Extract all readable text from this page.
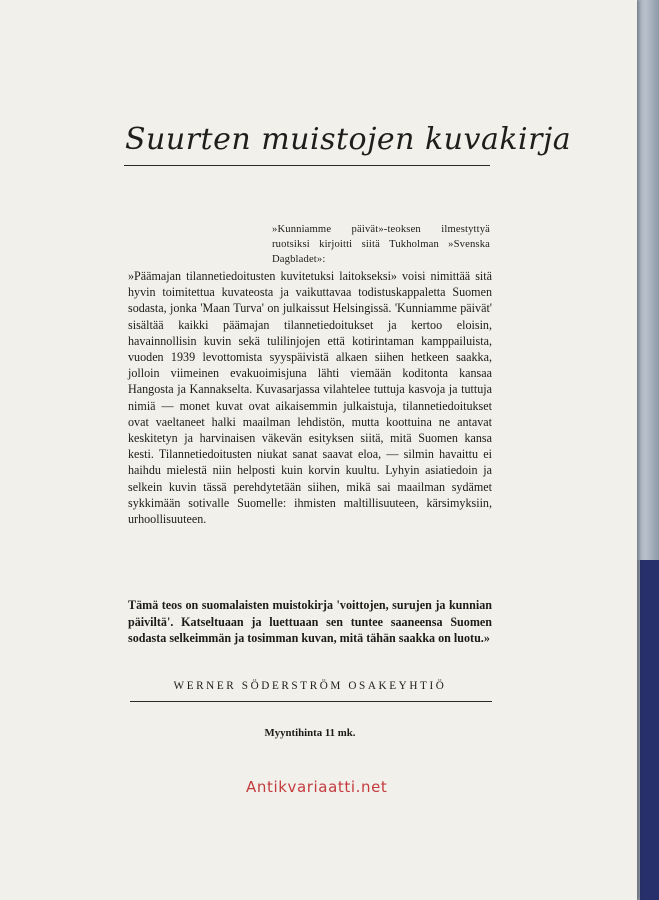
Suurten muistojen kuvakirja

»Kunniamme päivät»-teoksen ilmestyttyä ruotsiksi kirjoitti siitä Tukholman »Svenska Dagbladet»:

»Päämajan tilannetiedoitusten kuvitetuksi laitokseksi» voisi nimittää sitä hyvin toimitettua kuvateosta ja vaikuttavaa todistuskappaletta Suomen sodasta, jonka 'Maan Turva' on julkaissut Helsingissä. 'Kunniamme päivät' sisältää kaikki päämajan tilannetiedoitukset ja kertoo eloisin, havainnollisin kuvin sekä tulilinjojen että kotirintaman kamppailuista, vuoden 1939 levottomista syyspäivistä alkaen siihen hetkeen saakka, jolloin viimeinen evakuoimisjuna lähti viemään koditonta kansaa Hangosta ja Kannakselta. Kuvasarjassa vilahtelee tuttuja kasvoja ja tuttuja nimiä — monet kuvat ovat aikaisemmin julkaistuja, tilannetiedoitukset ovat vaeltaneet halki maailman lehdistön, mutta koottuina ne antavat keskitetyn ja harvinaisen väkevän esityksen siitä, mitä Suomen kansa kesti. Tilannetiedoitusten niukat sanat saavat eloa, — silmin havaittu ei haihdu mielestä niin helposti kuin korvin kuultu. Lyhyin asiatiedoin ja selkein kuvin tässä perehdytetään siihen, mikä sai maailman sydämet sykkimään sotivalle Suomelle: ihmisten maltillisuuteen, kärsimyksiin, urhoollisuuteen.

Tämä teos on suomalaisten muistokirja 'voittojen, surujen ja kunnian päiviltä'. Katseltuaan ja luettuaan sen tuntee saaneensa Suomen sodasta selkeimmän ja tosimman kuvan, mitä tähän saakka on luotu.»

WERNER SÖDERSTRÖM OSAKEYHTIÖ
Myyntihinta 11 mk.
Antikvariaatti.net
